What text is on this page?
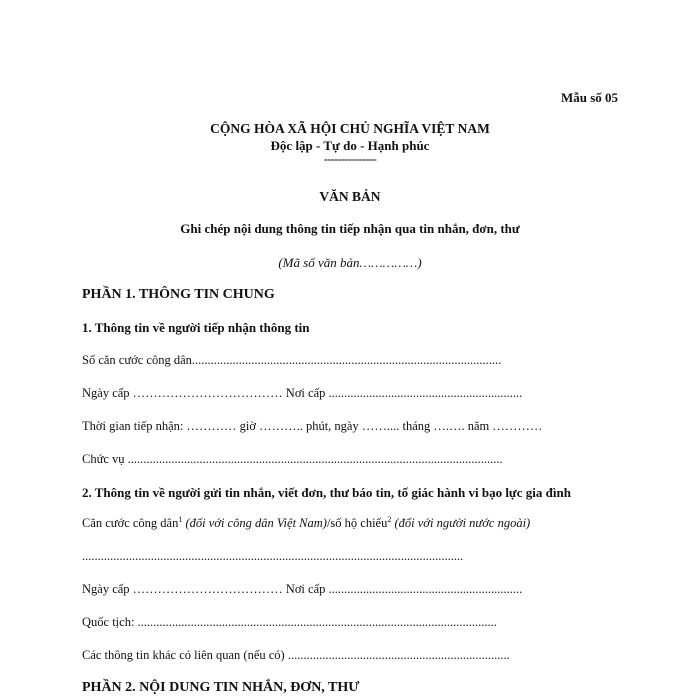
Mẫu số 05
CỘNG HÒA XÃ HỘI CHỦ NGHĨA VIỆT NAM
Độc lập - Tự do - Hạnh phúc
---------------
VĂN BẢN
Ghi chép nội dung thông tin tiếp nhận qua tin nhắn, đơn, thư
(Mã số văn bản……………)
PHẦN 1. THÔNG TIN CHUNG
1. Thông tin về người tiếp nhận thông tin
Số căn cước công dân...................................................................................................
Ngày cấp ……………………………… Nơi cấp ..............................................................
Thời gian tiếp nhận: ………… giờ ……….. phút, ngày …….... tháng ….…. năm …………
Chức vụ ........................................................................................................................
2. Thông tin về người gửi tin nhắn, viết đơn, thư báo tin, tố giác hành vi bạo lực gia đình
Căn cước công dân$^1$ (đối với công dân Việt Nam)/số hộ chiếu$^2$ (đối với người nước ngoài)
..........................................................................................................................
Ngày cấp ……………………………… Nơi cấp ..............................................................
Quốc tịch: ...................................................................................................................
Các thông tin khác có liên quan (nếu có) .......................................................................
PHẦN 2. NỘI DUNG TIN NHẮN, ĐƠN, THƯ
